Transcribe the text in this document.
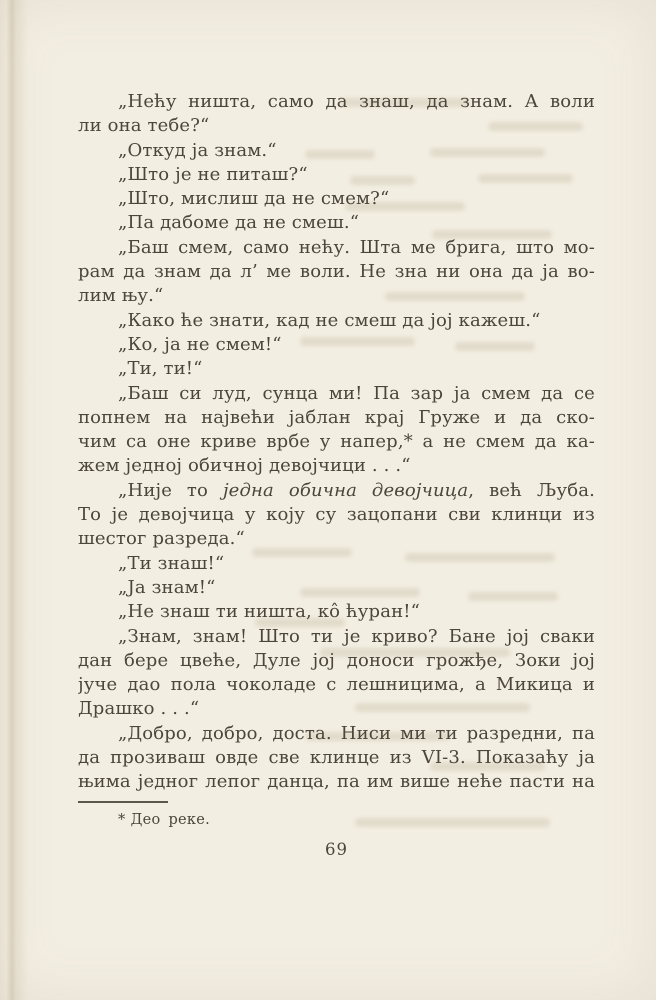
„Нећу ништа, само да знаш, да знам. А воли
ли она тебе?“
„Откуд ја знам.“
„Што је не питаш?“
„Што, мислиш да не смем?“
„Па дабоме да не смеш.“
„Баш смем, само нећу. Шта ме брига, што мо-
рам да знам да л’ ме воли. Не зна ни она да ја во-
лим њу.“
„Како ће знати, кад не смеш да јој кажеш.“
„Ко, ја не смем!“
„Ти, ти!“
„Баш си луд, сунца ми! Па зар ја смем да се
попнем на највећи јаблан крај Груже и да ско-
чим са оне криве врбе у напер,* а не смем да ка-
жем једној обичној девојчици . . .“
„Није то једна обична девојчица, већ Љуба.
То је девојчица у коју су зацопани сви клинци из
шестог разреда.“
„Ти знаш!“
„Ја знам!“
„Не знаш ти ништа, кô ћуран!“
„Знам, знам! Што ти је криво? Бане јој сваки
дан бере цвеће, Дуле јој доноси грожђе, Зоки јој
јуче дао пола чоколаде с лешницима, а Микица и
Драшко . . .“
„Добро, добро, доста. Ниси ми ти разредни, па
да прозиваш овде све клинце из VI-3. Показаћу ја
њима једног лепог данца, па им више неће пасти на
* Део реке.
69
